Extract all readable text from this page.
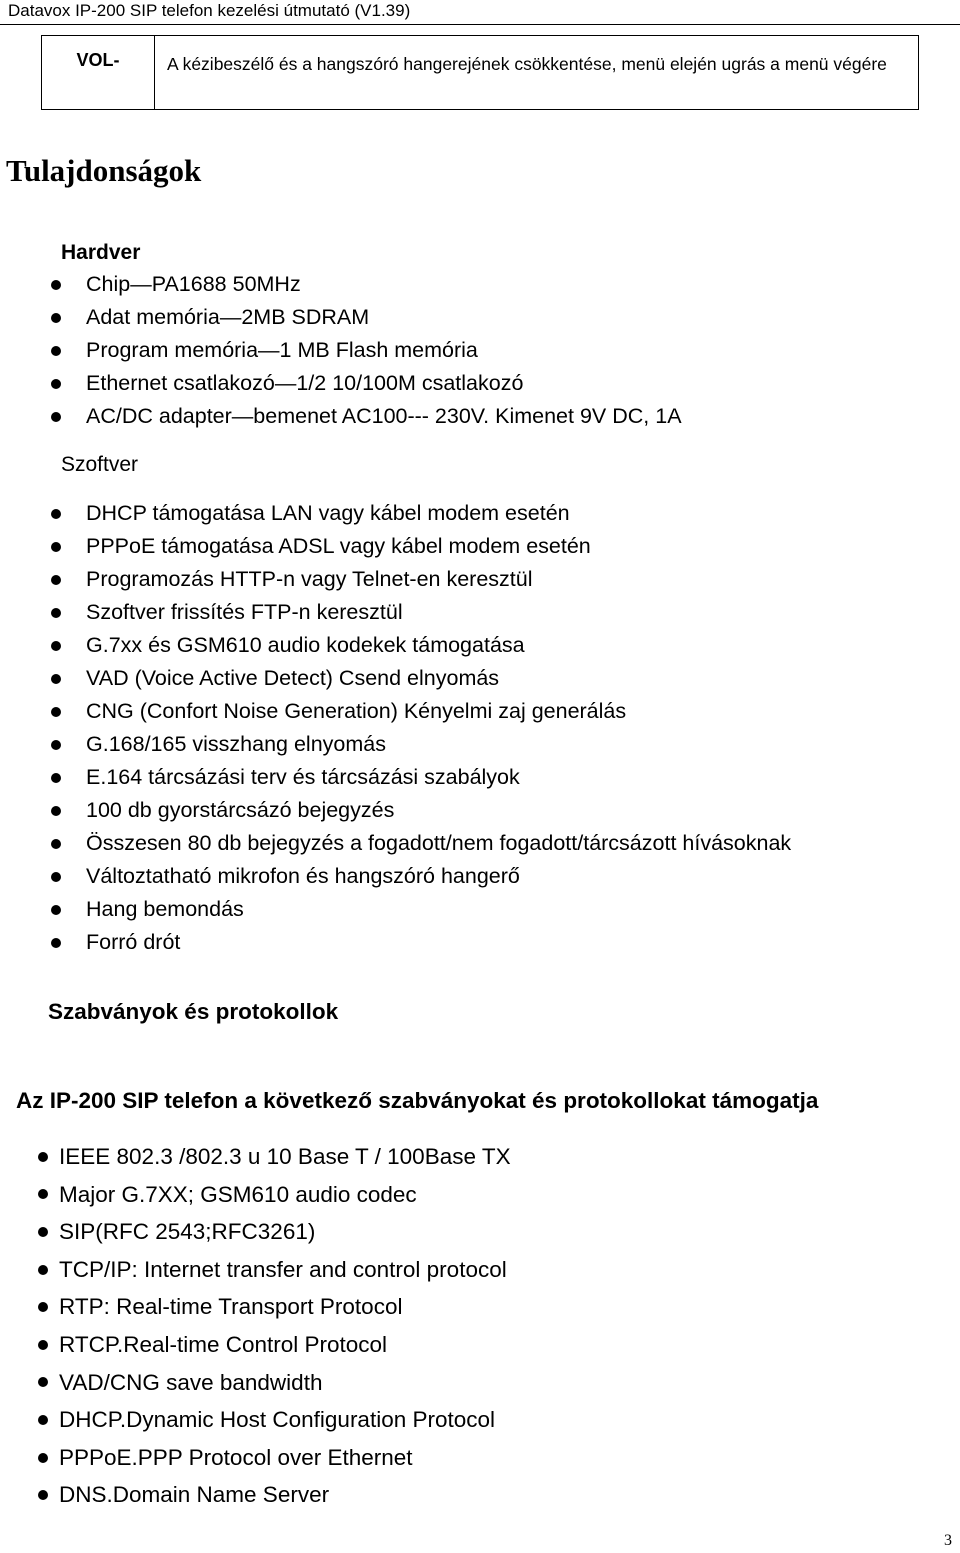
Datavox IP-200 SIP telefon kezelési útmutató (V1.39)
VOL-	A kézibeszélő és a hangszóró hangerejének csökkentése, menü elején ugrás a menü végére
Tulajdonságok
Hardver
Chip—PA1688 50MHz
Adat memória—2MB SDRAM
Program memória—1 MB Flash memória
Ethernet csatlakozó—1/2 10/100M csatlakozó
AC/DC adapter—bemenet AC100--- 230V. Kimenet 9V DC, 1A
Szoftver
DHCP támogatása LAN vagy kábel modem esetén
PPPoE támogatása ADSL vagy kábel modem esetén
Programozás HTTP-n vagy Telnet-en keresztül
Szoftver frissítés FTP-n keresztül
G.7xx és GSM610 audio kodekek támogatása
VAD (Voice Active Detect) Csend elnyomás
CNG (Confort Noise Generation) Kényelmi zaj generálás
G.168/165 visszhang elnyomás
E.164 tárcsázási terv és tárcsázási szabályok
100 db gyorstárcsázó bejegyzés
Összesen 80 db bejegyzés a fogadott/nem fogadott/tárcsázott hívásoknak
Változtatható mikrofon és hangszóró hangerő
Hang bemondás
Forró drót
Szabványok és protokollok

Az IP-200 SIP telefon a következő szabványokat és protokollokat támogatja

IEEE 802.3 /802.3 u 10 Base T / 100Base TX
Major G.7XX; GSM610 audio codec
SIP(RFC 2543;RFC3261)
TCP/IP: Internet transfer and control protocol
RTP: Real-time Transport Protocol
RTCP.Real-time Control Protocol
VAD/CNG save bandwidth
DHCP.Dynamic Host Configuration Protocol
PPPoE.PPP Protocol over Ethernet
DNS.Domain Name Server
3
